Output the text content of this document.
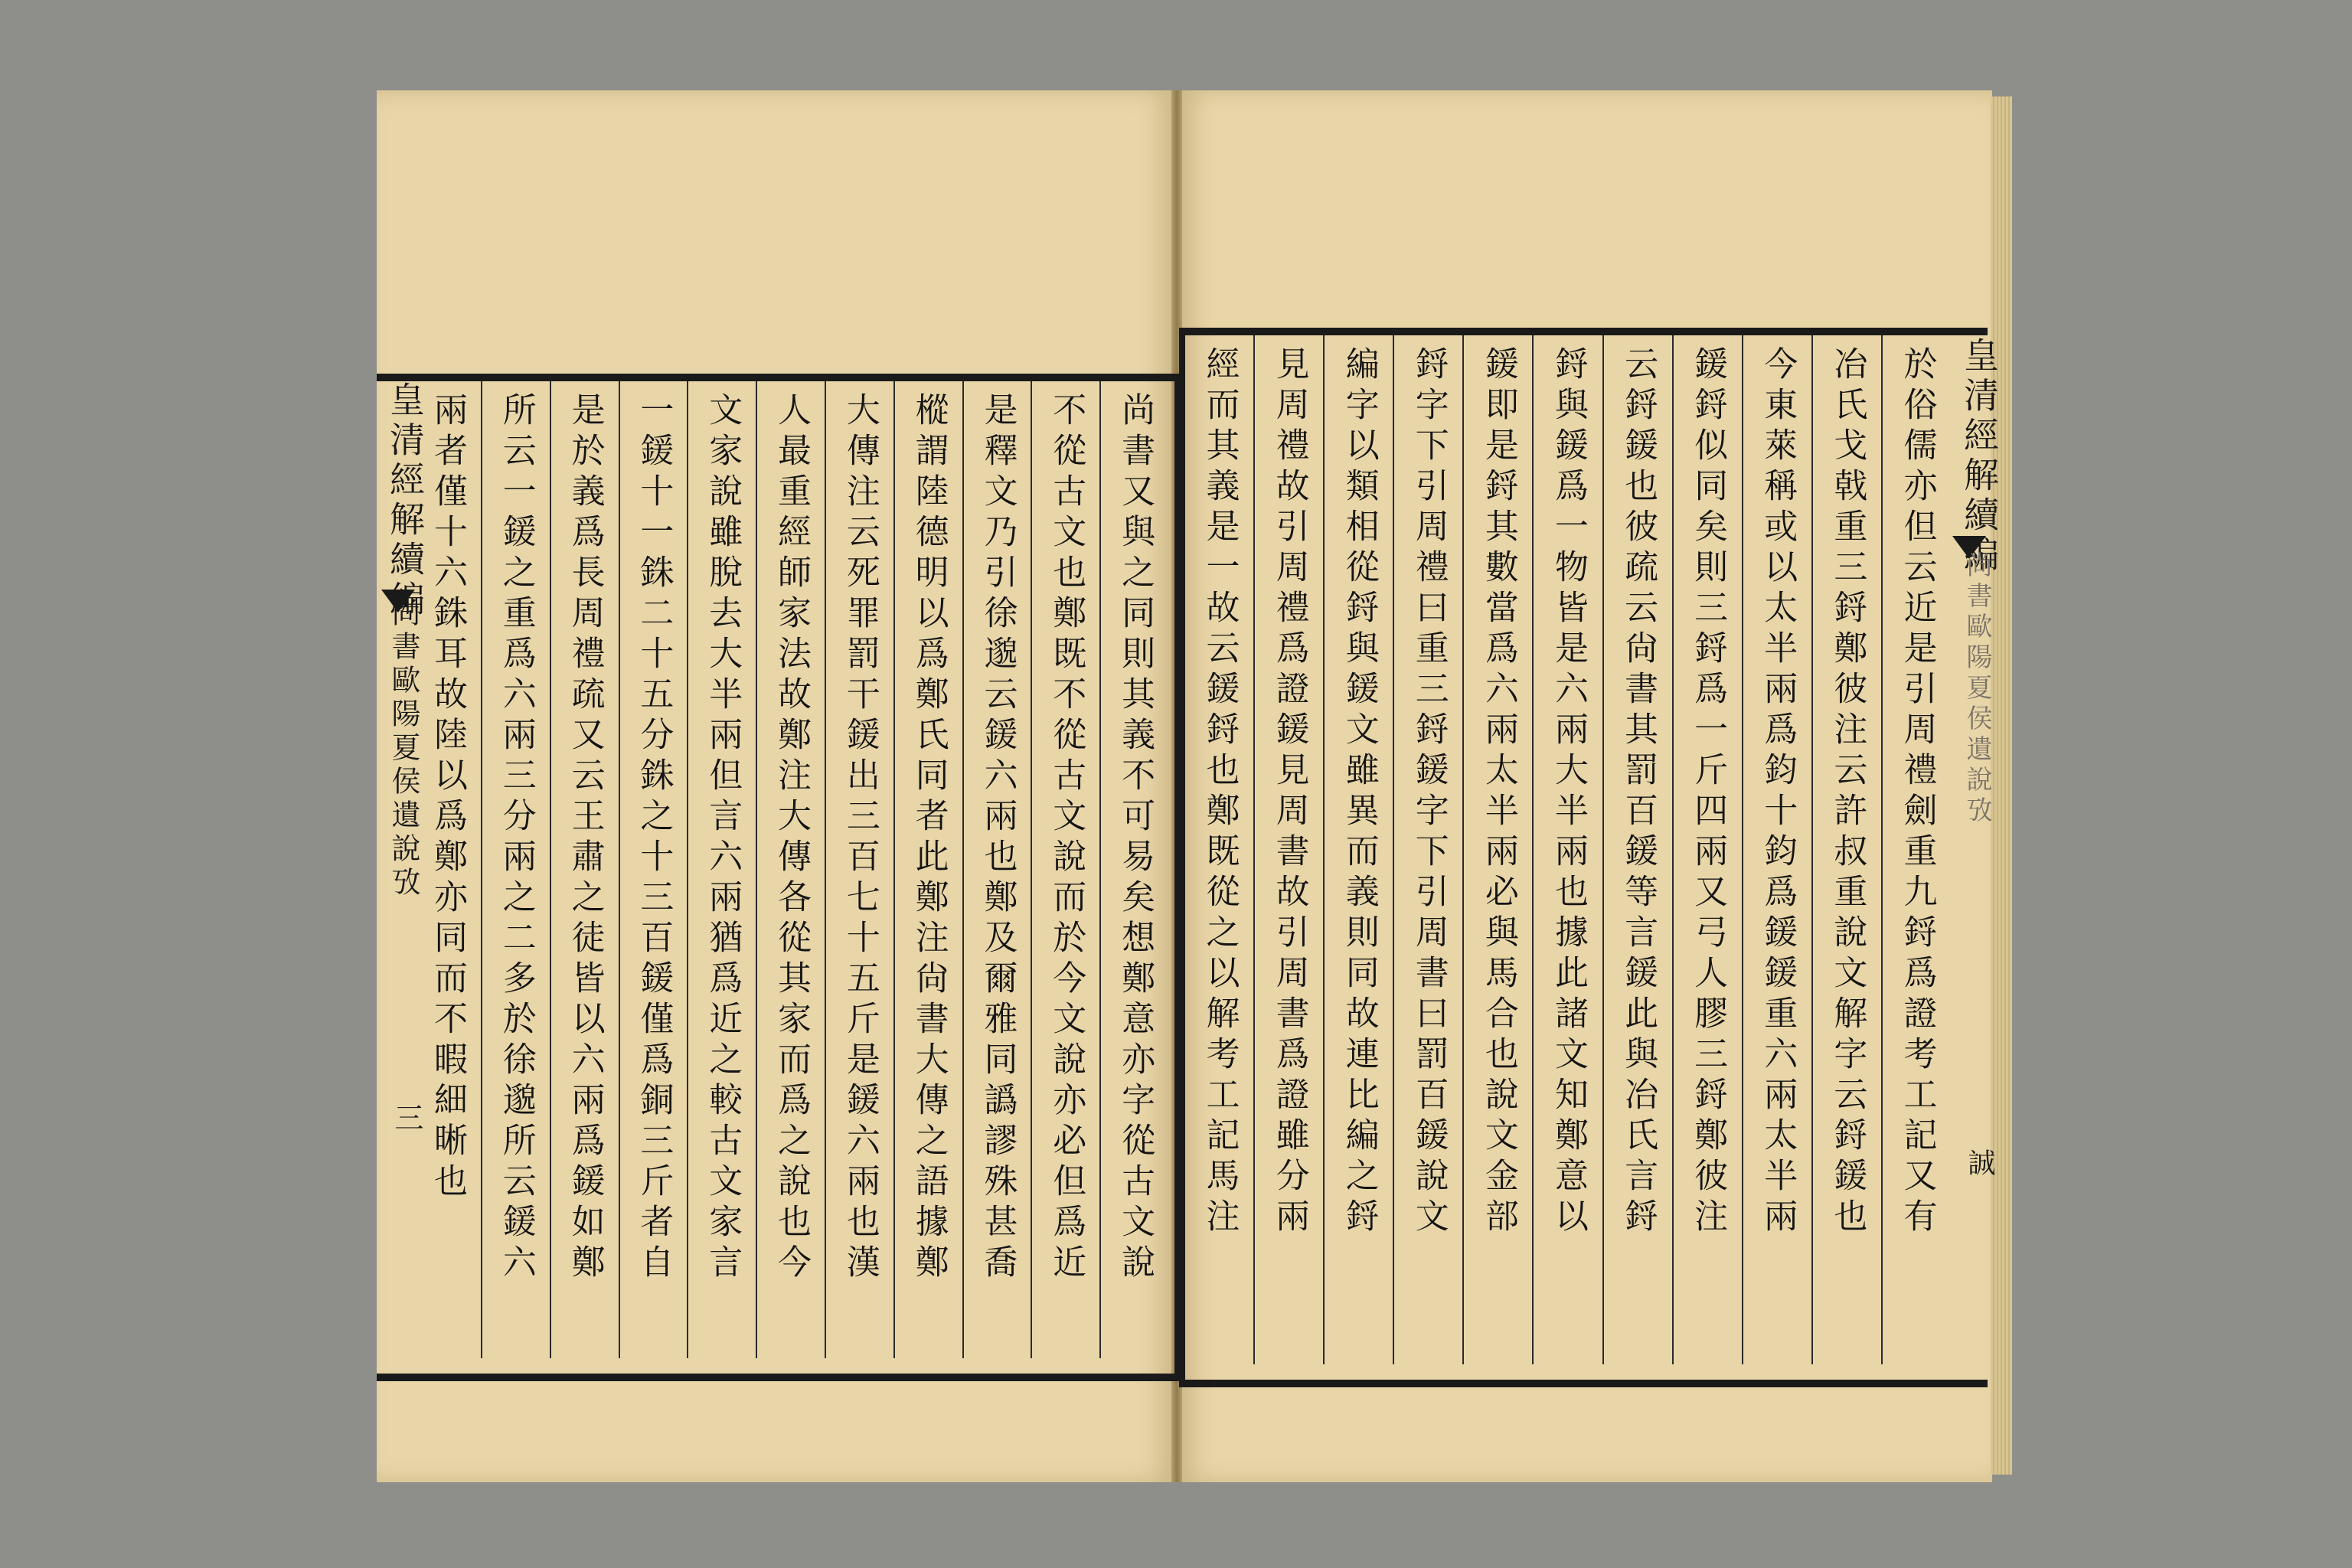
尚書又與之同則其義不可易矣想鄭意亦字從古文說
不從古文也鄭既不從古文說而於今文說亦必但爲近
是釋文乃引徐邈云鍰六兩也鄭及爾雅同譌謬殊甚喬
樅謂陸德明以爲鄭氏同者此鄭注尙書大傳之語據鄭
大傳注云死罪罰干鍰出三百七十五斤是鍰六兩也漢
人最重經師家法故鄭注大傳各從其家而爲之說也今
文家說雖脫去大半兩但言六兩猶爲近之較古文家言
一鍰十一銖二十五分銖之十三百鍰僅爲銅三斤者自
是於義爲長周禮疏又云王肅之徒皆以六兩爲鍰如鄭
所云一鍰之重爲六兩三分兩之二多於徐邈所云鍰六
兩者僅十六銖耳故陸以爲鄭亦同而不暇細晰也	於俗儒亦但云近是引周禮劍重九鋝爲證考工記又有
冶氏戈戟重三鋝鄭彼注云許叔重說文解字云鋝鍰也
今東萊稱或以太半兩爲鈞十鈞爲鍰鍰重六兩太半兩
鍰鋝似同矣則三鋝爲一斤四兩又弓人膠三鋝鄭彼注
云鋝鍰也彼疏云尙書其罰百鍰等言鍰此與冶氏言鋝
鋝與鍰爲一物皆是六兩大半兩也據此諸文知鄭意以
鍰即是鋝其數當爲六兩太半兩必與馬合也說文金部
鋝字下引周禮曰重三鋝鍰字下引周書曰罰百鍰說文
編字以類相從鋝與鍰文雖異而義則同故連比編之鋝
見周禮故引周禮爲證鍰見周書故引周書爲證雖分兩
經而其義是一故云鍰鋝也鄭既從之以解考工記馬注
皇清經解續編
尚書歐陽夏侯遺說攷
三
皇清經解續編
尚書歐陽夏侯遺說攷
誠
